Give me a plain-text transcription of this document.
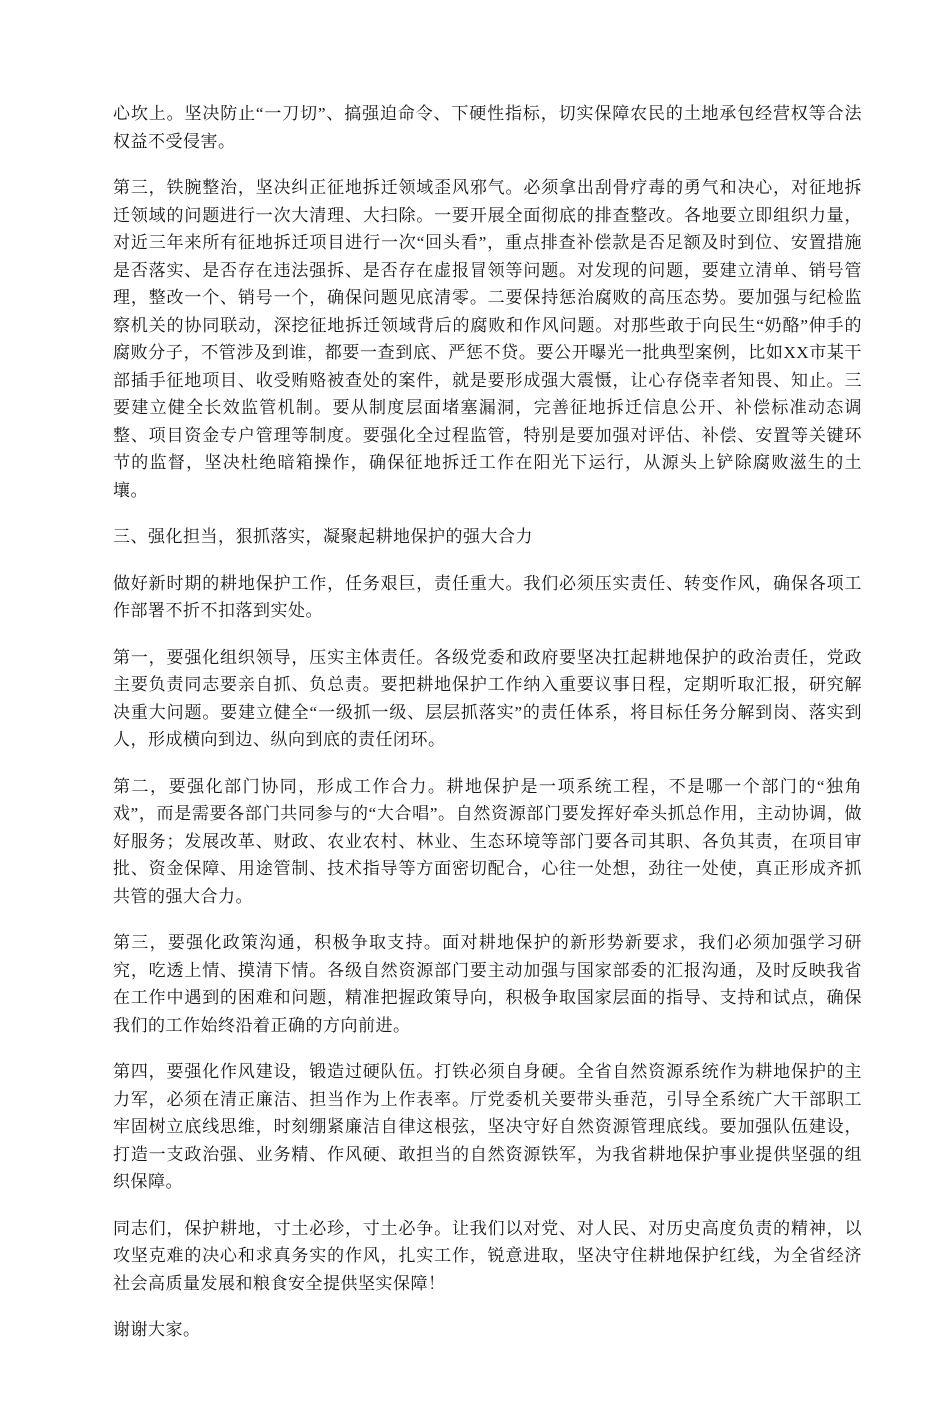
心坎上。坚决防止“一刀切”、搞强迫命令、下硬性指标，切实保障农民的土地承包经营权等合法权益不受侵害。

第三，铁腕整治，坚决纠正征地拆迁领域歪风邪气。必须拿出刮骨疗毒的勇气和决心，对征地拆迁领域的问题进行一次大清理、大扫除。一要开展全面彻底的排查整改。各地要立即组织力量，对近三年来所有征地拆迁项目进行一次“回头看”，重点排查补偿款是否足额及时到位、安置措施是否落实、是否存在违法强拆、是否存在虚报冒领等问题。对发现的问题，要建立清单、销号管理，整改一个、销号一个，确保问题见底清零。二要保持惩治腐败的高压态势。要加强与纪检监察机关的协同联动，深挖征地拆迁领域背后的腐败和作风问题。对那些敢于向民生“奶酪”伸手的腐败分子，不管涉及到谁，都要一查到底、严惩不贷。要公开曝光一批典型案例，比如XX市某干部插手征地项目、收受贿赂被查处的案件，就是要形成强大震慑，让心存侥幸者知畏、知止。三要建立健全长效监管机制。要从制度层面堵塞漏洞，完善征地拆迁信息公开、补偿标准动态调整、项目资金专户管理等制度。要强化全过程监管，特别是要加强对评估、补偿、安置等关键环节的监督，坚决杜绝暗箱操作，确保征地拆迁工作在阳光下运行，从源头上铲除腐败滋生的土壤。

三、强化担当，狠抓落实，凝聚起耕地保护的强大合力

做好新时期的耕地保护工作，任务艰巨，责任重大。我们必须压实责任、转变作风，确保各项工作部署不折不扣落到实处。

第一，要强化组织领导，压实主体责任。各级党委和政府要坚决扛起耕地保护的政治责任，党政主要负责同志要亲自抓、负总责。要把耕地保护工作纳入重要议事日程，定期听取汇报，研究解决重大问题。要建立健全“一级抓一级、层层抓落实”的责任体系，将目标任务分解到岗、落实到人，形成横向到边、纵向到底的责任闭环。

第二，要强化部门协同，形成工作合力。耕地保护是一项系统工程，不是哪一个部门的“独角戏”，而是需要各部门共同参与的“大合唱”。自然资源部门要发挥好牵头抓总作用，主动协调，做好服务；发展改革、财政、农业农村、林业、生态环境等部门要各司其职、各负其责，在项目审批、资金保障、用途管制、技术指导等方面密切配合，心往一处想，劲往一处使，真正形成齐抓共管的强大合力。

第三，要强化政策沟通，积极争取支持。面对耕地保护的新形势新要求，我们必须加强学习研究，吃透上情、摸清下情。各级自然资源部门要主动加强与国家部委的汇报沟通，及时反映我省在工作中遇到的困难和问题，精准把握政策导向，积极争取国家层面的指导、支持和试点，确保我们的工作始终沿着正确的方向前进。

第四，要强化作风建设，锻造过硬队伍。打铁必须自身硬。全省自然资源系统作为耕地保护的主力军，必须在清正廉洁、担当作为上作表率。厅党委机关要带头垂范，引导全系统广大干部职工牢固树立底线思维，时刻绷紧廉洁自律这根弦，坚决守好自然资源管理底线。要加强队伍建设，打造一支政治强、业务精、作风硬、敢担当的自然资源铁军，为我省耕地保护事业提供坚强的组织保障。

同志们，保护耕地，寸土必珍，寸土必争。让我们以对党、对人民、对历史高度负责的精神，以攻坚克难的决心和求真务实的作风，扎实工作，锐意进取，坚决守住耕地保护红线，为全省经济社会高质量发展和粮食安全提供坚实保障！

谢谢大家。
